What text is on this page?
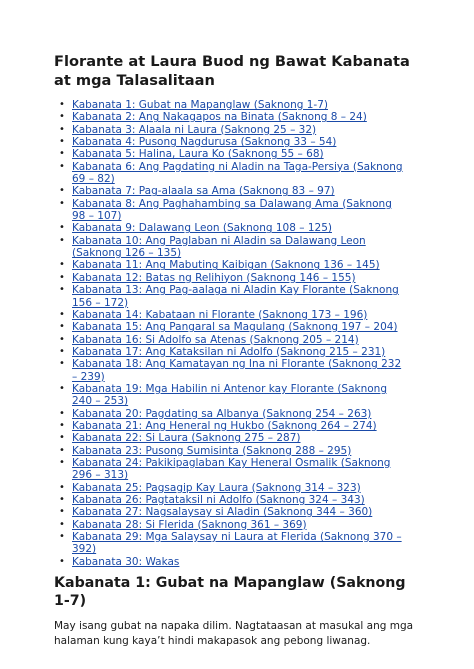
Florante at Laura Buod ng Bawat Kabanata at mga Talasalitaan
• Kabanata 1: Gubat na Mapanglaw (Saknong 1-7)
• Kabanata 2: Ang Nakagapos na Binata (Saknong 8 – 24)
• Kabanata 3: Alaala ni Laura (Saknong 25 – 32)
• Kabanata 4: Pusong Nagdurusa (Saknong 33 – 54)
• Kabanata 5: Halina, Laura Ko (Saknong 55 – 68)
• Kabanata 6: Ang Pagdating ni Aladin na Taga-Persiya (Saknong 69 – 82)
• Kabanata 7: Pag-alaala sa Ama (Saknong 83 – 97)
• Kabanata 8: Ang Paghahambing sa Dalawang Ama (Saknong 98 – 107)
• Kabanata 9: Dalawang Leon (Saknong 108 – 125)
• Kabanata 10: Ang Paglaban ni Aladin sa Dalawang Leon (Saknong 126 – 135)
• Kabanata 11: Ang Mabuting Kaibigan (Saknong 136 – 145)
• Kabanata 12: Batas ng Relihiyon (Saknong 146 – 155)
• Kabanata 13: Ang Pag-aalaga ni Aladin Kay Florante (Saknong 156 – 172)
• Kabanata 14: Kabataan ni Florante (Saknong 173 – 196)
• Kabanata 15: Ang Pangaral sa Magulang (Saknong 197 – 204)
• Kabanata 16: Si Adolfo sa Atenas (Saknong 205 – 214)
• Kabanata 17: Ang Kataksilan ni Adolfo (Saknong 215 – 231)
• Kabanata 18: Ang Kamatayan ng Ina ni Florante (Saknong 232 – 239)
• Kabanata 19: Mga Habilin ni Antenor kay Florante (Saknong 240 – 253)
• Kabanata 20: Pagdating sa Albanya (Saknong 254 – 263)
• Kabanata 21: Ang Heneral ng Hukbo (Saknong 264 – 274)
• Kabanata 22: Si Laura (Saknong 275 – 287)
• Kabanata 23: Pusong Sumisinta (Saknong 288 – 295)
• Kabanata 24: Pakikipaglaban Kay Heneral Osmalik (Saknong 296 – 313)
• Kabanata 25: Pagsagip Kay Laura (Saknong 314 – 323)
• Kabanata 26: Pagtataksil ni Adolfo (Saknong 324 – 343)
• Kabanata 27: Nagsalaysay si Aladin (Saknong 344 – 360)
• Kabanata 28: Si Flerida (Saknong 361 – 369)
• Kabanata 29: Mga Salaysay ni Laura at Flerida (Saknong 370 – 392)
• Kabanata 30: Wakas
Kabanata 1: Gubat na Mapanglaw (Saknong 1-7)

May isang gubat na napaka dilim. Nagtataasan at masukal ang mga halaman kung kaya’t hindi makapasok ang pebong liwanag.
